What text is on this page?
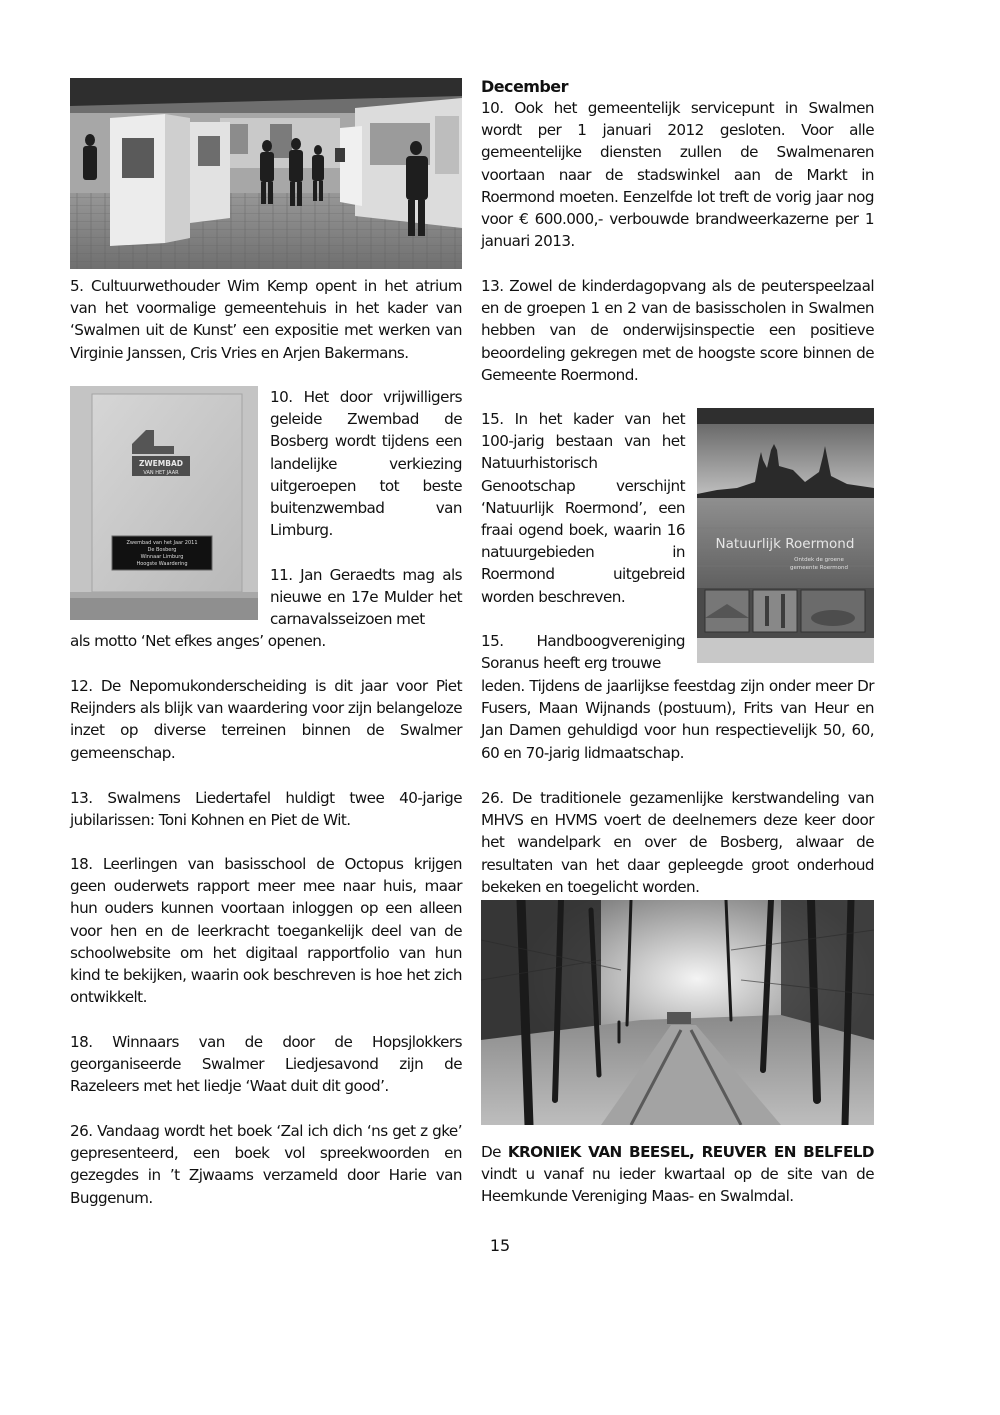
5. Cultuurwethouder Wim Kemp opent in het atrium van het voormalige gemeentehuis in het kader van ‘Swalmen uit de Kunst’ een expositie met werken van Virginie Janssen, Cris Vries en Arjen Bakermans.

ZWEMBAD
VAN HET JAAR
Zwembad van het Jaar 2011
De Bosberg
Winnaar Limburg
Hoogste Waardering

10. Het door vrijwilligers geleide Zwembad de Bosberg wordt tijdens een landelijke verkiezing uitgeroepen tot beste buitenzwembad van Limburg.

11. Jan Geraedts mag als nieuwe en 17e Mulder het carnavalsseizoen met

als motto ‘Net efkes anges’ openen.

12. De Nepomukonderscheiding is dit jaar voor Piet Reijnders als blijk van waardering voor zijn belangeloze inzet op diverse terreinen binnen de Swalmer gemeenschap.

13. Swalmens Liedertafel huldigt twee 40-jarige jubilarissen: Toni Kohnen en Piet de Wit.

18. Leerlingen van basisschool de Octopus krijgen geen ouderwets rapport meer mee naar huis, maar hun ouders kunnen voortaan inloggen op een alleen voor hen en de leerkracht toegankelijk deel van de schoolwebsite om het digitaal rapportfolio van hun kind te bekijken, waarin ook beschreven is hoe het zich ontwikkelt.

18. Winnaars van de door de Hopsjlokkers georganiseerde Swalmer Liedjesavond zijn de Razeleers met het liedje ‘Waat duit dit good’.

26. Vandaag wordt het boek ‘Zal ich dich ‘ns get z gke’ gepresenteerd, een boek vol spreekwoorden en gezegdes in ’t Zjwaams verzameld door Harie van Buggenum.

December

10. Ook het gemeentelijk servicepunt in Swalmen wordt per 1 januari 2012 gesloten. Voor alle gemeentelijke diensten zullen de Swalmenaren voortaan naar de stadswinkel aan de Markt in Roermond moeten. Eenzelfde lot treft de vorig jaar nog voor € 600.000,- verbouwde brandweerkazerne per 1 januari 2013.

13. Zowel de kinderdagopvang als de peuterspeelzaal en de groepen 1 en 2 van de basisscholen in Swalmen hebben van de onderwijsinspectie een positieve beoordeling gekregen met de hoogste score binnen de Gemeente Roermond.

15. In het kader van het 100-jarig bestaan van het Natuurhistorisch Genootschap verschijnt ‘Natuurlijk Roermond’, een fraai ogend boek, waarin 16 natuurgebieden in Roermond uitgebreid worden beschreven.

Natuurlijk Roermond
Ontdek de groene
gemeente Roermond

15. Handboogvereniging Soranus heeft erg trouwe

leden. Tijdens de jaarlijkse feestdag zijn onder meer Dr Fusers, Maan Wijnands (postuum), Frits van Heur en Jan Damen gehuldigd voor hun respectievelijk 50, 60, 60 en 70-jarig lidmaatschap.

26. De traditionele gezamenlijke kerstwandeling van MHVS en HVMS voert de deelnemers deze keer door het wandelpark en over de Bosberg, alwaar de resultaten van het daar gepleegde groot onderhoud bekeken en toegelicht worden.

De KRONIEK VAN BEESEL, REUVER EN BELFELD vindt u vanaf nu ieder kwartaal op de site van de Heemkunde Vereniging Maas- en Swalmdal.

15
